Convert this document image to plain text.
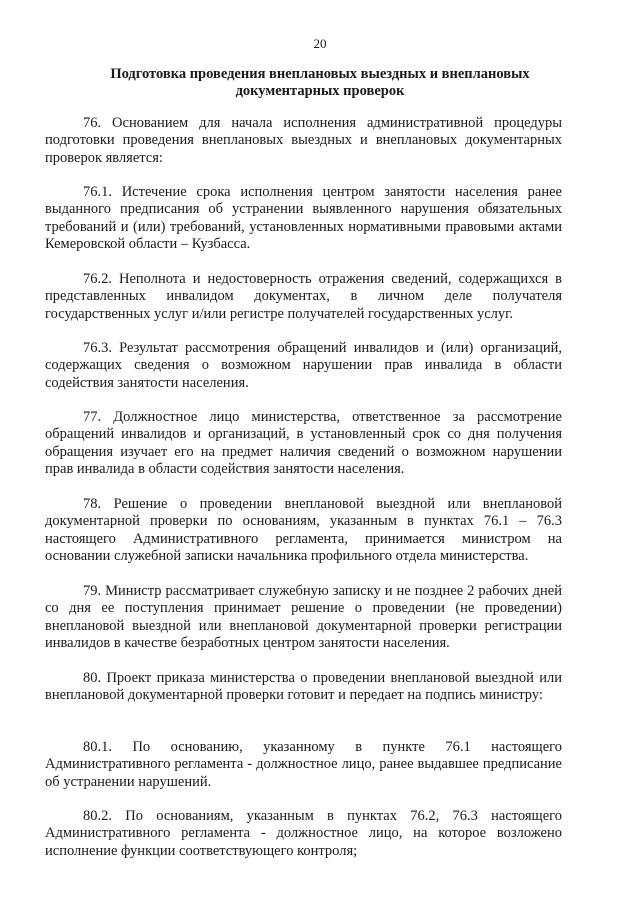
20
Подготовка проведения внеплановых выездных и внеплановых документарных проверок

76. Основанием для начала исполнения административной процедуры подготовки проведения внеплановых выездных и внеплановых документарных проверок является:

76.1. Истечение срока исполнения центром занятости населения ранее выданного предписания об устранении выявленного нарушения обязательных требований и (или) требований, установленных нормативными правовыми актами Кемеровской области – Кузбасса.

76.2. Неполнота и недостоверность отражения сведений, содержащихся в представленных инвалидом документах, в личном деле получателя государственных услуг и/или регистре получателей государственных услуг.

76.3. Результат рассмотрения обращений инвалидов и (или) организаций, содержащих сведения о возможном нарушении прав инвалида в области содействия занятости населения.

77. Должностное лицо министерства, ответственное за рассмотрение обращений инвалидов и организаций, в установленный срок со дня получения обращения изучает его на предмет наличия сведений о возможном нарушении прав инвалида в области содействия занятости населения.

78. Решение о проведении внеплановой выездной или внеплановой документарной проверки по основаниям, указанным в пунктах 76.1 – 76.3 настоящего Административного регламента, принимается министром на основании служебной записки начальника профильного отдела министерства.

79. Министр рассматривает служебную записку и не позднее 2 рабочих дней со дня ее поступления принимает решение о проведении (не проведении) внеплановой выездной или внеплановой документарной проверки регистрации инвалидов в качестве безработных центром занятости населения.

80. Проект приказа министерства о проведении внеплановой выездной или внеплановой документарной проверки готовит и передает на подпись министру:

80.1. По основанию, указанному в пункте 76.1 настоящего Административного регламента - должностное лицо, ранее выдавшее предписание об устранении нарушений.

80.2. По основаниям, указанным в пунктах 76.2, 76.3 настоящего Административного регламента - должностное лицо, на которое возложено исполнение функции соответствующего контроля;
